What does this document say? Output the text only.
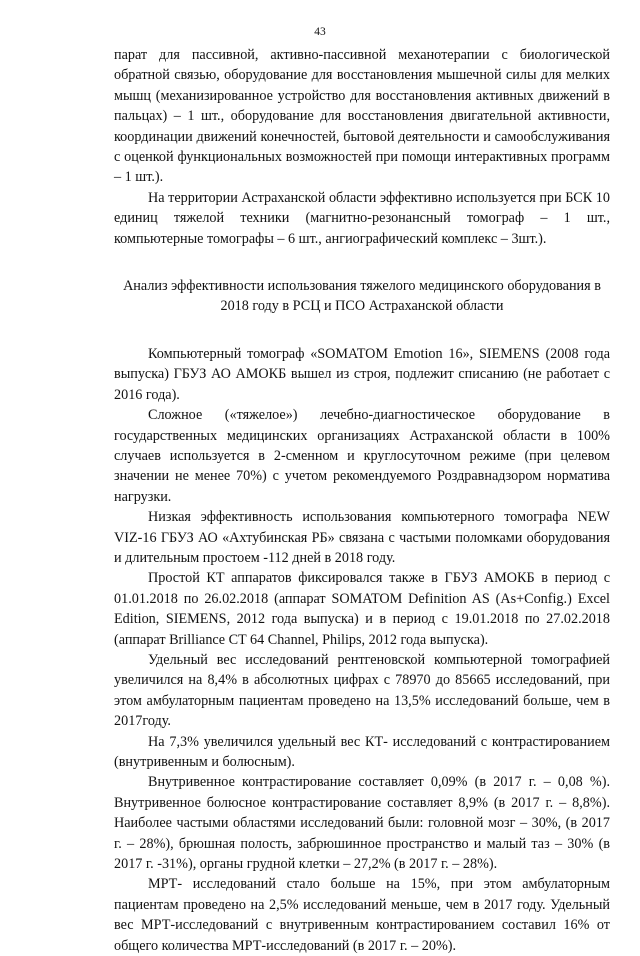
43

парат для пассивной, активно-пассивной механотерапии с биологической обратной связью, оборудование для восстановления мышечной силы для мелких мышц (механизированное устройство для восстановления активных движений в пальцах) – 1 шт., оборудование для восстановления двигательной активности, координации движений конечностей, бытовой деятельности и самообслуживания с оценкой функциональных возможностей при помощи интерактивных программ – 1 шт.).

На территории Астраханской области эффективно используется при БСК 10 единиц тяжелой техники (магнитно-резонансный томограф – 1 шт., компьютерные томографы – 6 шт., ангиографический комплекс – 3шт.).

Анализ эффективности использования тяжелого медицинского оборудования в 2018 году в РСЦ и ПСО Астраханской области

Компьютерный томограф «SOMATOM Emotion 16», SIEMENS (2008 года выпуска) ГБУЗ АО АМОКБ вышел из строя, подлежит списанию (не работает с 2016 года).

Сложное («тяжелое») лечебно-диагностическое оборудование в государственных медицинских организациях Астраханской области в 100% случаев используется в 2-сменном и круглосуточном режиме (при целевом значении не менее 70%) с учетом рекомендуемого Роздравнадзором норматива нагрузки.

Низкая эффективность использования компьютерного томографа NEW VIZ-16 ГБУЗ АО «Ахтубинская РБ» связана с частыми поломками оборудования и длительным простоем -112 дней в 2018 году.

Простой КТ аппаратов фиксировался также в ГБУЗ АМОКБ в период с 01.01.2018 по 26.02.2018 (аппарат SOMATOM Definition AS (As+Config.) Excel Edition, SIEMENS, 2012 года выпуска) и в период с 19.01.2018 по 27.02.2018 (аппарат Brilliance CT 64 Channel, Philips, 2012 года выпуска).

Удельный вес исследований рентгеновской компьютерной томографией увеличился на 8,4% в абсолютных цифрах с 78970 до 85665 исследований, при этом амбулаторным пациентам проведено на 13,5% исследований больше, чем в 2017году.

На 7,3% увеличился удельный вес КТ- исследований с контрастированием (внутривенным и болюсным).

Внутривенное контрастирование составляет 0,09% (в 2017 г. – 0,08 %). Внутривенное болюсное контрастирование составляет 8,9% (в 2017 г. – 8,8%). Наиболее частыми областями исследований были: головной мозг – 30%, (в 2017 г. – 28%), брюшная полость, забрюшинное пространство и малый таз – 30% (в 2017 г. -31%), органы грудной клетки – 27,2% (в 2017 г. – 28%).

МРТ- исследований стало больше на 15%, при этом амбулаторным пациентам проведено на 2,5% исследований меньше, чем в 2017 году. Удельный вес МРТ-исследований с внутривенным контрастированием составил 16% от общего количества МРТ-исследований (в 2017 г. – 20%).
